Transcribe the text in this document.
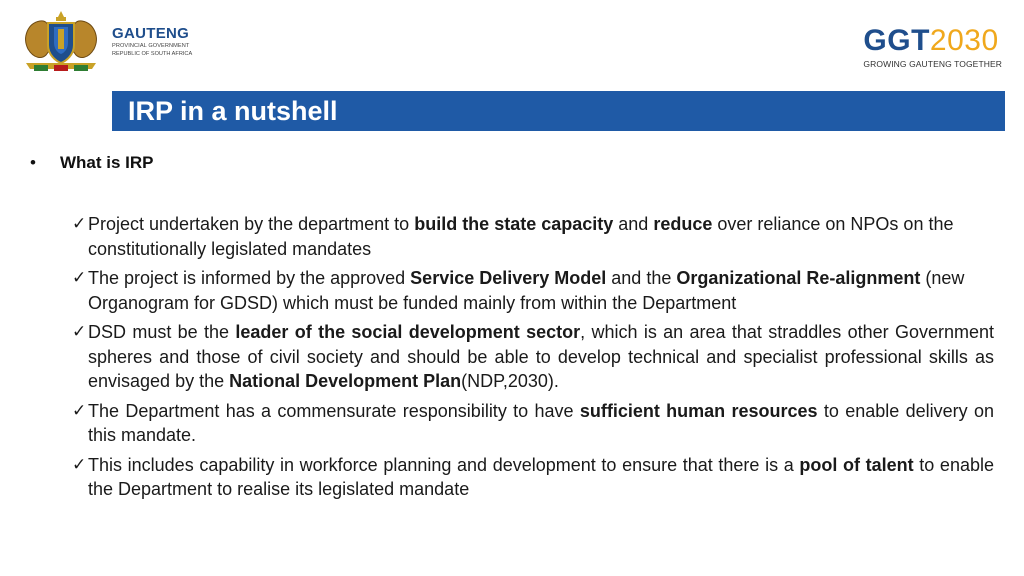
GAUTENG
PROVINCIAL GOVERNMENT
REPUBLIC OF SOUTH AFRICA	GGT2030
GROWING GAUTENG TOGETHER
IRP in a nutshell
•	What is IRP
✓ Project undertaken by the department to build the state capacity and reduce over reliance on NPOs on the constitutionally legislated mandates
✓ The project is informed by the approved Service Delivery Model and the Organizational Re-alignment (new Organogram for GDSD) which must be funded mainly from within the Department
✓ DSD must be the leader of the social development sector, which is an area that straddles other Government spheres and those of civil society and should be able to develop technical and specialist professional skills as envisaged by the National Development Plan(NDP,2030).
✓ The Department has a commensurate responsibility to have sufficient human resources to enable delivery on this mandate.
✓ This includes capability in workforce planning and development to ensure that there is a pool of talent to enable the Department to realise its legislated mandate
